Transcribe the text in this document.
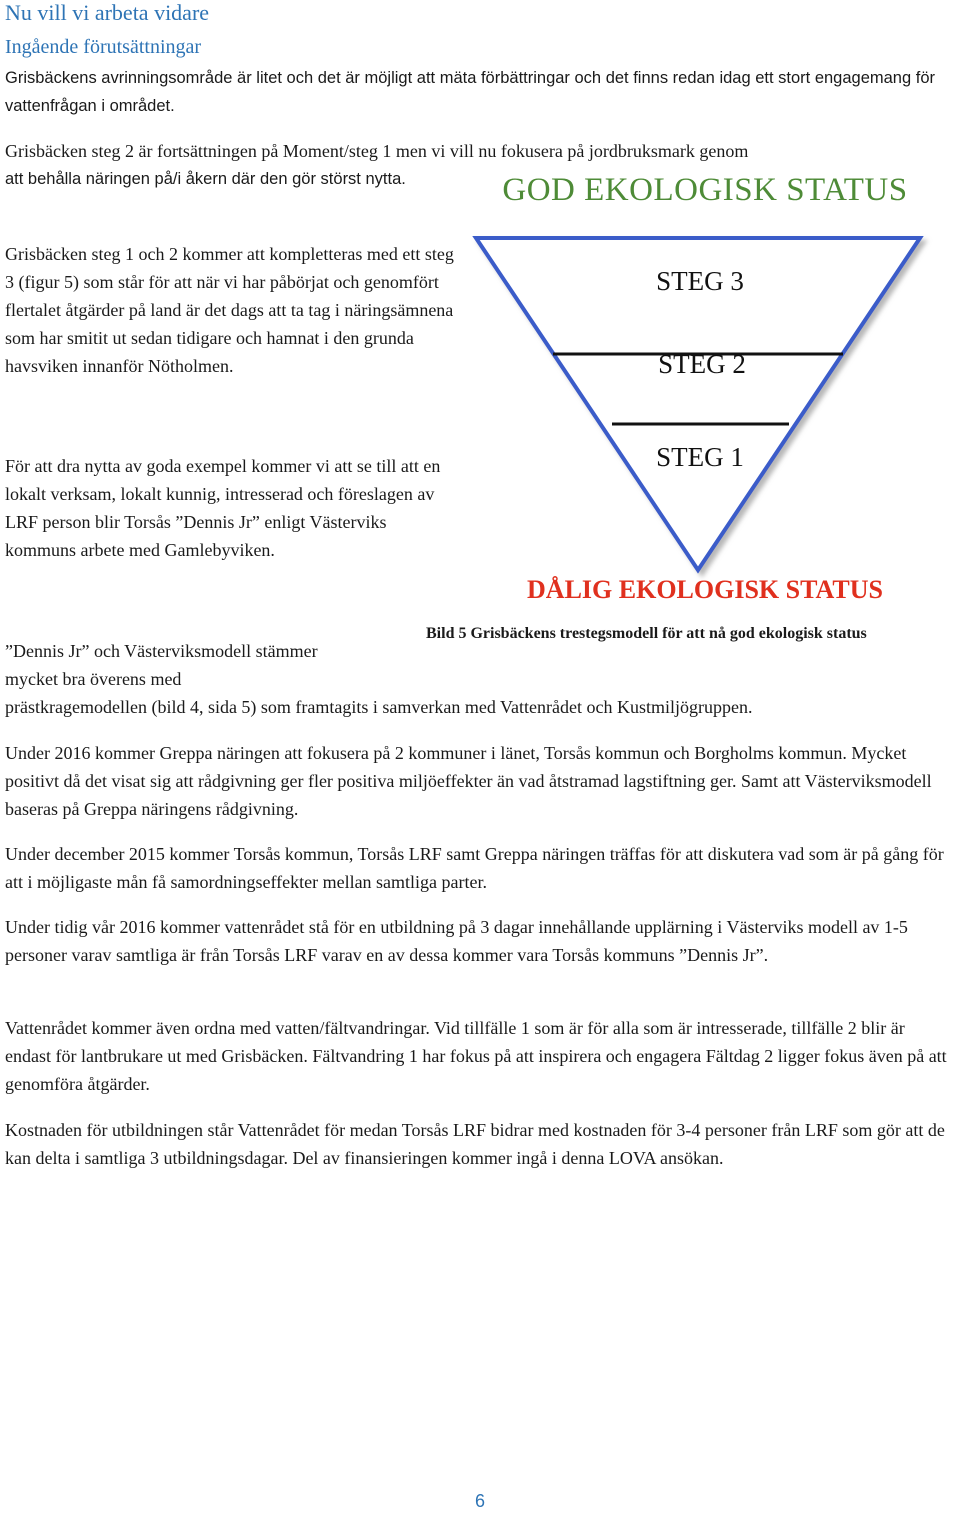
Nu vill vi arbeta vidare
Ingående förutsättningar

Grisbäckens avrinningsområde är litet och det är möjligt att mäta förbättringar och det finns redan idag ett stort engagemang för vattenfrågan i området.

Grisbäcken steg 2 är fortsättningen på Moment/steg 1 men vi vill nu fokusera på jordbruksmark genom

att behålla näringen på/i åkern där den gör störst nytta.

Grisbäcken steg 1 och 2 kommer att kompletteras med ett steg 3 (figur 5) som står för att när vi har påbörjat och genomfört flertalet åtgärder på land är det dags att ta tag i näringsämnena som har smitit ut sedan tidigare och hamnat i den grunda havsviken innanför Nötholmen.

För att dra nytta av goda exempel kommer vi att se till att en lokalt verksam, lokalt kunnig, intresserad och föreslagen av LRF person blir Torsås ”Dennis Jr” enligt Västerviks kommuns arbete med Gamlebyviken.

”Dennis Jr” och Västerviksmodell stämmer

mycket bra överens med

prästkragemodellen (bild 4, sida 5) som framtagits i samverkan med Vattenrådet och Kustmiljögruppen.

Under 2016 kommer Greppa näringen att fokusera på 2 kommuner i länet, Torsås kommun och Borgholms kommun. Mycket positivt då det visat sig att rådgivning ger fler positiva miljöeffekter än vad åtstramad lagstiftning ger. Samt att Västerviksmodell baseras på Greppa näringens rådgivning.

Under december 2015 kommer Torsås kommun, Torsås LRF samt Greppa näringen träffas för att diskutera vad som är på gång för att i möjligaste mån få samordningseffekter mellan samtliga parter.

Under tidig vår 2016 kommer vattenrådet stå för en utbildning på 3 dagar innehållande upplärning i Västerviks modell av 1-5 personer varav samtliga är från Torsås LRF varav en av dessa kommer vara Torsås kommuns ”Dennis Jr”.

Vattenrådet kommer även ordna med vatten/fältvandringar. Vid tillfälle 1 som är för alla som är intresserade, tillfälle 2 blir är endast för lantbrukare ut med Grisbäcken. Fältvandring 1 har fokus på att inspirera och engagera Fältdag 2 ligger fokus även på att genomföra åtgärder.

Kostnaden för utbildningen står Vattenrådet för medan Torsås LRF bidrar med kostnaden för 3-4 personer från LRF som gör att de kan delta i samtliga 3 utbildningsdagar. Del av finansieringen kommer ingå i denna LOVA ansökan.

GOD EKOLOGISK STATUS
STEG 3
STEG 2
STEG 1
DÅLIG EKOLOGISK STATUS
Bild 5 Grisbäckens trestegsmodell för att nå god ekologisk status
6
